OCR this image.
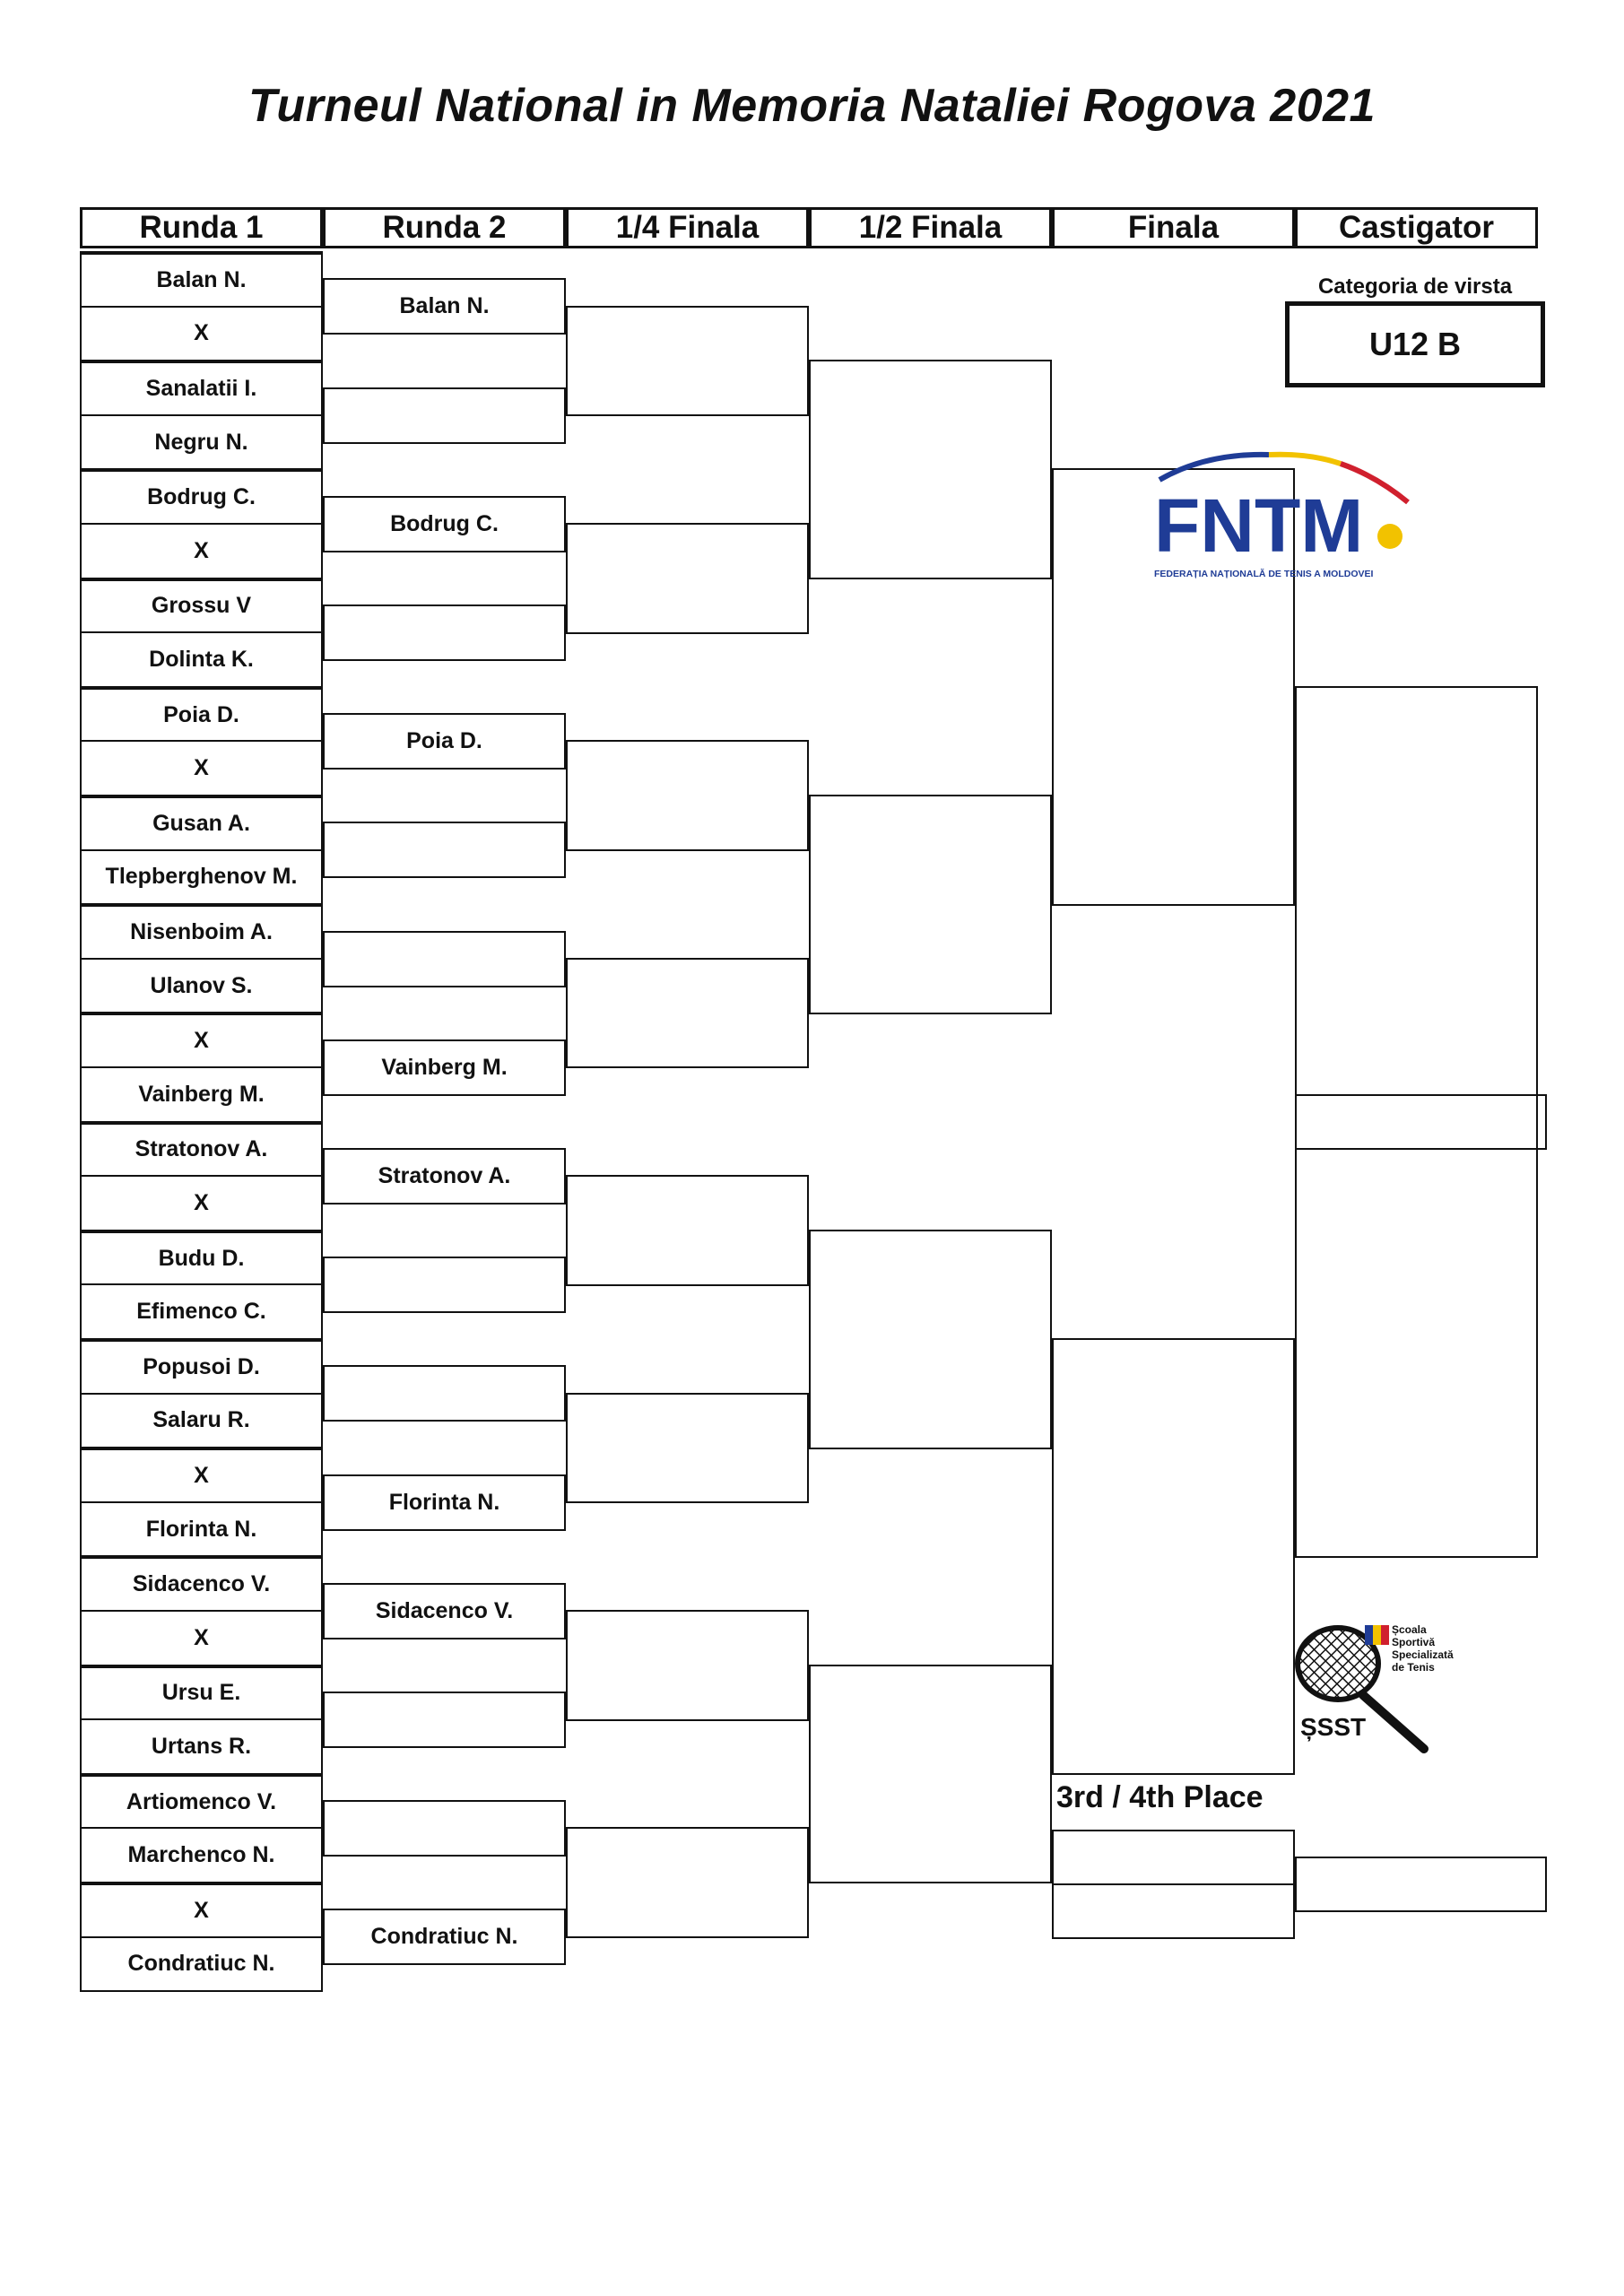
Turneul National in Memoria Nataliei Rogova 2021
Runda 1	Runda 2	1/4 Finala	1/2 Finala	Finala	Castigator
Balan N.
X
Sanalatii I.
Negru N.
Bodrug C.
X
Grossu V
Dolinta K.
Poia D.
X
Gusan A.
Tlepberghenov M.
Nisenboim A.
Ulanov S.
X
Vainberg M.
Stratonov A.
X
Budu D.
Efimenco C.
Popusoi D.
Salaru R.
X
Florinta N.
Sidacenco V.
X
Ursu E.
Urtans R.
Artiomenco V.
Marchenco N.
X
Condratiuc N.
Balan N.
Bodrug C.
Poia D.
Vainberg M.
Stratonov A.
Florinta N.
Sidacenco V.
Condratiuc N.
Categoria de virsta
U12 B
3rd / 4th Place
FNTM
FEDERAȚIA NAȚIONALĂ DE TENIS A MOLDOVEI
Școala
Sportivă
Specializată
de Tenis
ȘSST
